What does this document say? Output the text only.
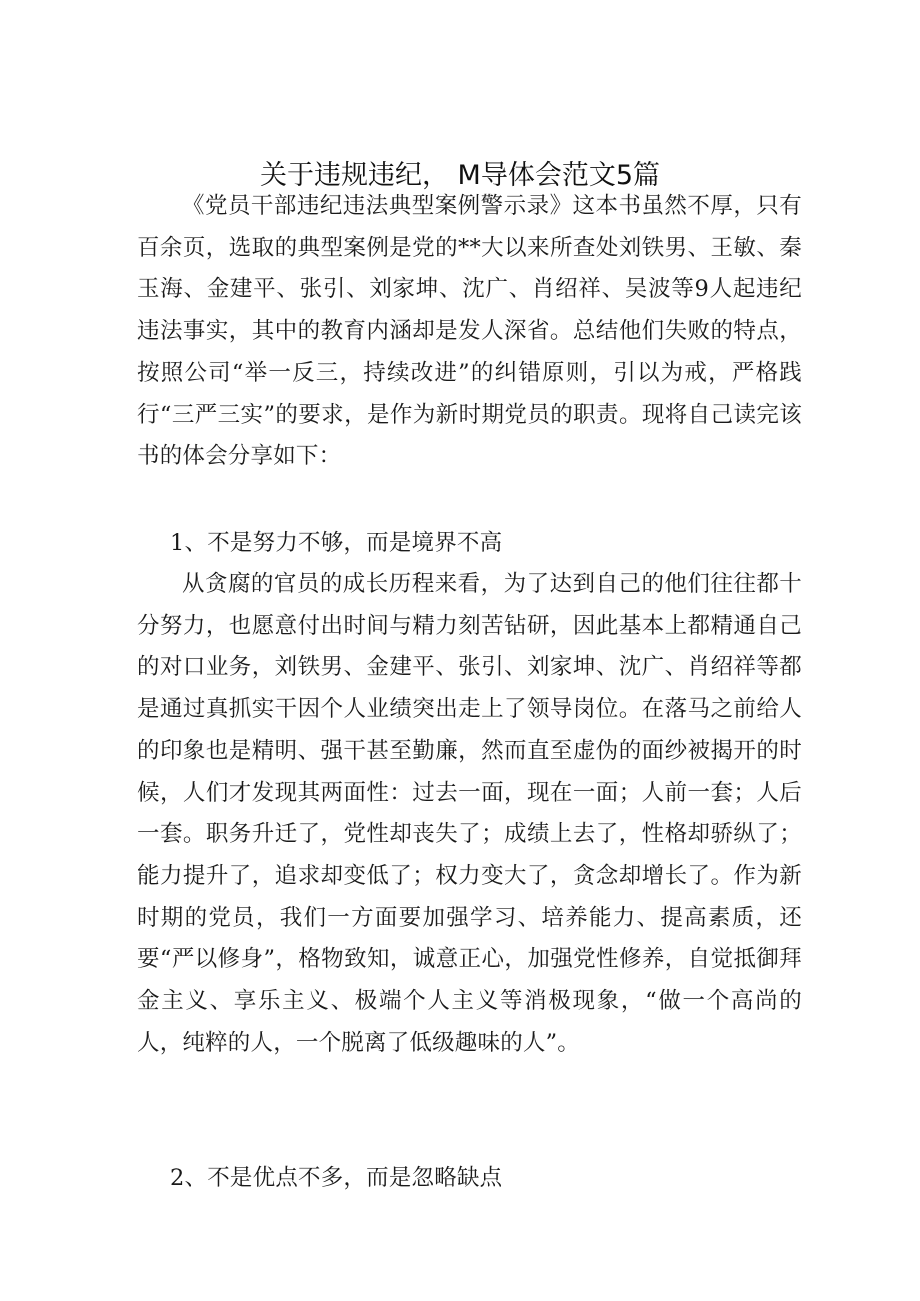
关于违规违纪， M导体会范文5篇

《党员干部违纪违法典型案例警示录》这本书虽然不厚，只有百余页，选取的典型案例是党的**大以来所查处刘铁男、王敏、秦玉海、金建平、张引、刘家坤、沈广、肖绍祥、吴波等9人起违纪违法事实，其中的教育内涵却是发人深省。总结他们失败的特点，按照公司“举一反三，持续改进”的纠错原则，引以为戒，严格践行“三严三实”的要求，是作为新时期党员的职责。现将自己读完该书的体会分享如下：

1、不是努力不够，而是境界不高

从贪腐的官员的成长历程来看，为了达到自己的他们往往都十分努力，也愿意付出时间与精力刻苦钻研，因此基本上都精通自己的对口业务，刘铁男、金建平、张引、刘家坤、沈广、肖绍祥等都是通过真抓实干因个人业绩突出走上了领导岗位。在落马之前给人的印象也是精明、强干甚至勤廉，然而直至虚伪的面纱被揭开的时候，人们才发现其两面性：过去一面，现在一面；人前一套；人后一套。职务升迁了，党性却丧失了；成绩上去了，性格却骄纵了；能力提升了，追求却变低了；权力变大了，贪念却增长了。作为新时期的党员，我们一方面要加强学习、培养能力、提高素质，还要“严以修身”，格物致知，诚意正心，加强党性修养，自觉抵御拜金主义、享乐主义、极端个人主义等消极现象，“做一个高尚的人，纯粹的人，一个脱离了低级趣味的人”。

2、不是优点不多，而是忽略缺点
